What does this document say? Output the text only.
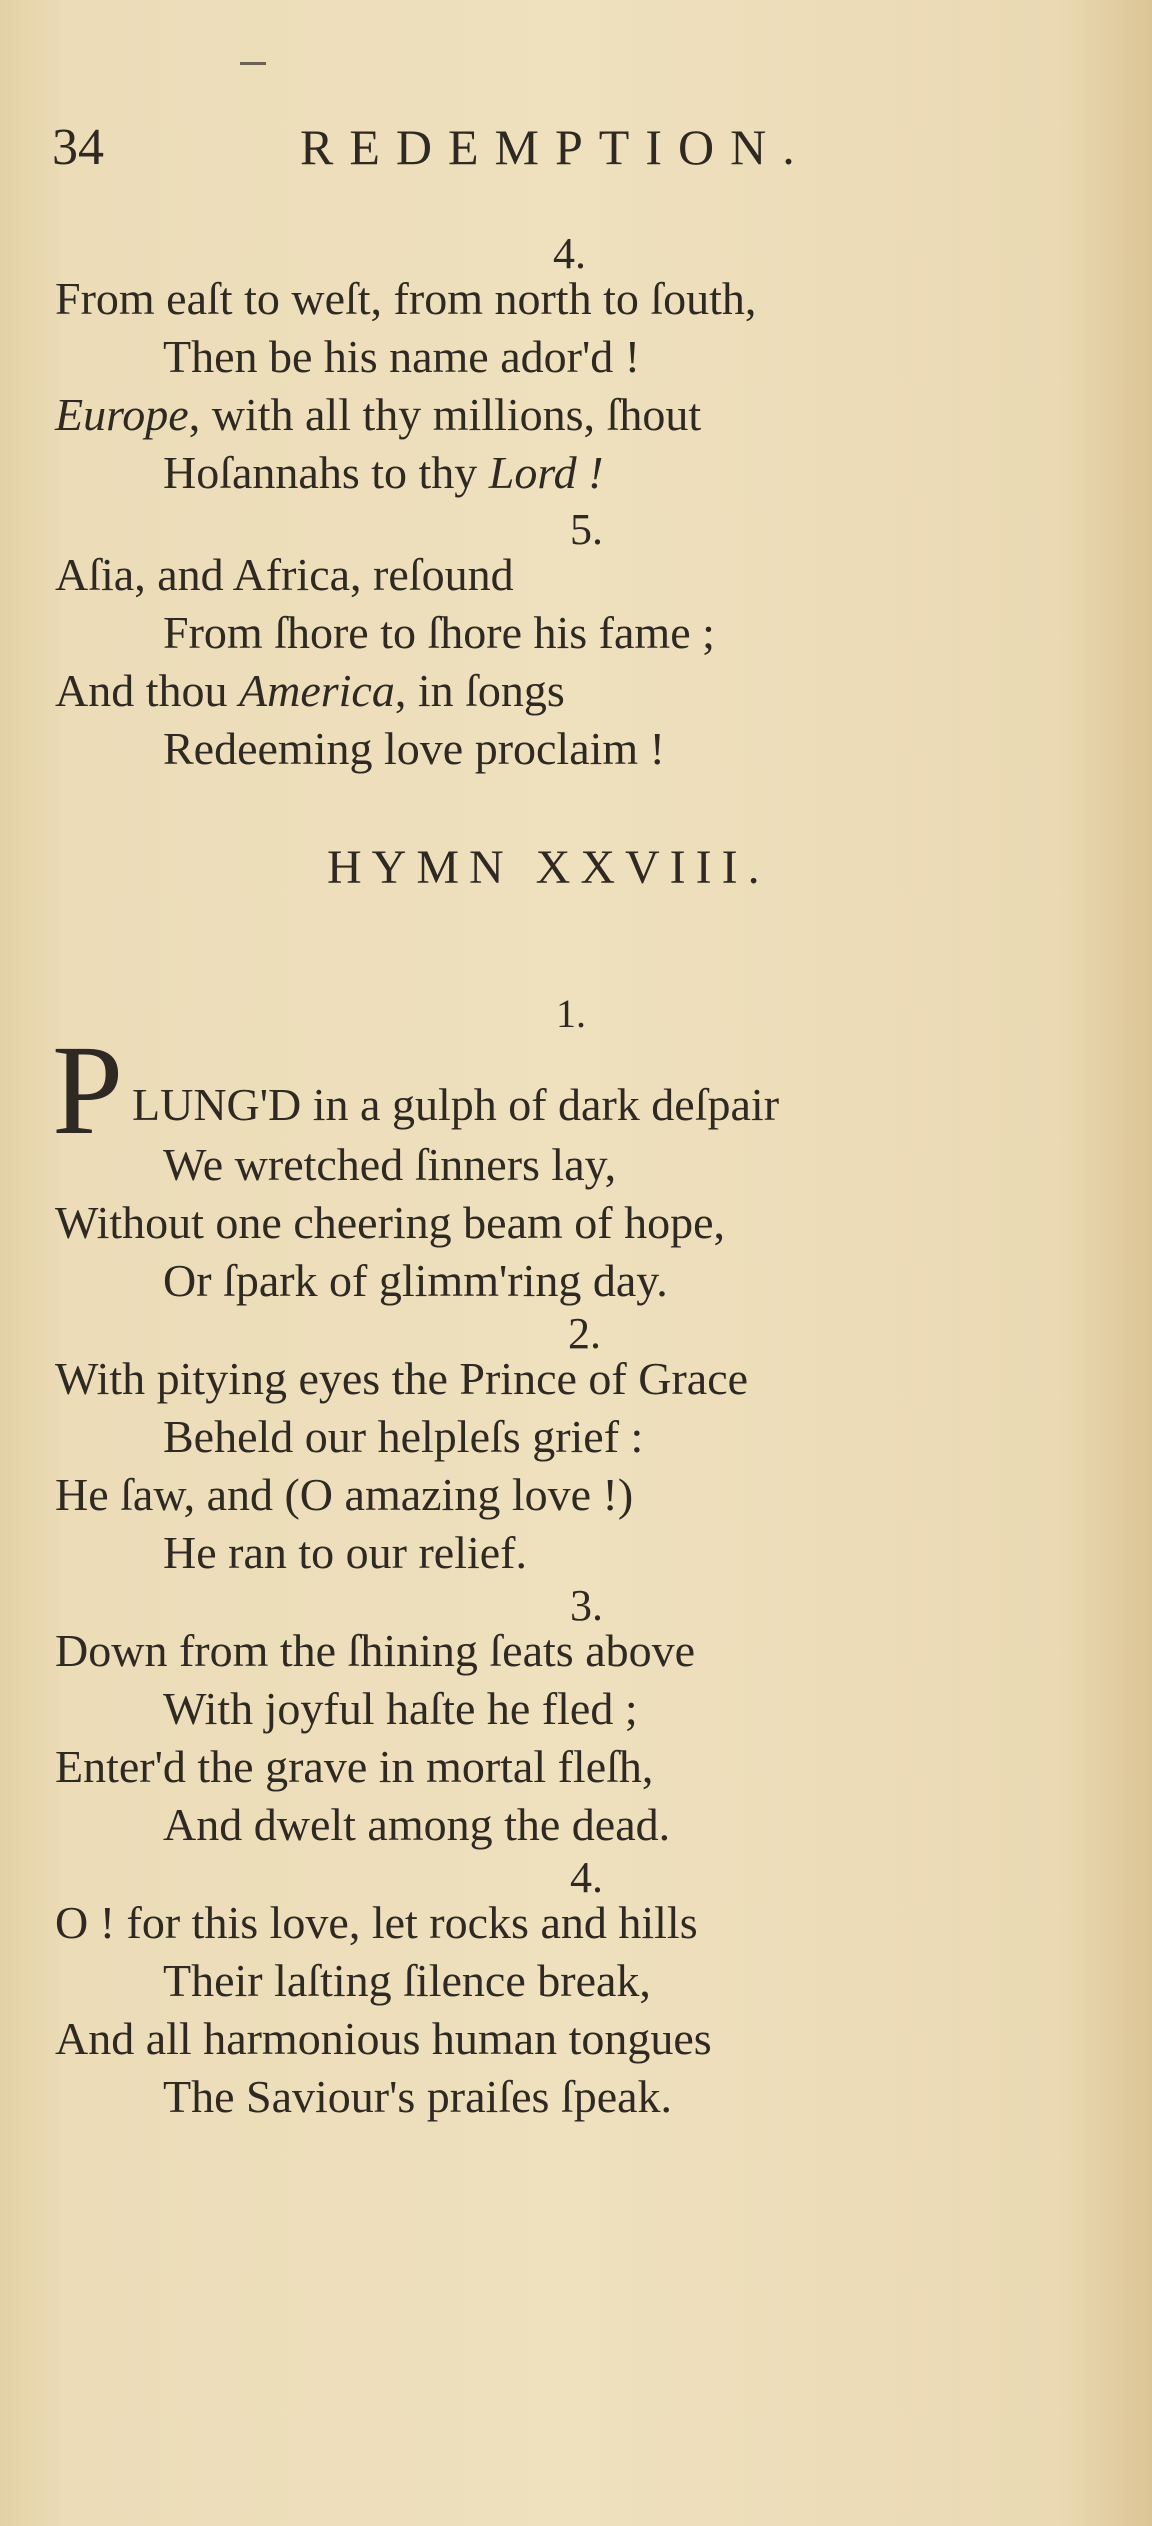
34	REDEMPTION.
4.
From eaſt to weſt, from north to ſouth,
Then be his name ador'd !
Europe, with all thy millions, ſhout
Hoſannahs to thy Lord !
5.
Aſia, and Africa, reſound
From ſhore to ſhore his fame ;
And thou America, in ſongs
Redeeming love proclaim !
HYMN XXVIII.
1.
P LUNG'D in a gulph of dark deſpair
We wretched ſinners lay,
Without one cheering beam of hope,
Or ſpark of glimm'ring day.
2.
With pitying eyes the Prince of Grace
Beheld our helpleſs grief :
He ſaw, and (O amazing love !)
He ran to our relief.
3.
Down from the ſhining ſeats above
With joyful haſte he fled ;
Enter'd the grave in mortal fleſh,
And dwelt among the dead.
4.
O ! for this love, let rocks and hills
Their laſting ſilence break,
And all harmonious human tongues
The Saviour's praiſes ſpeak.
